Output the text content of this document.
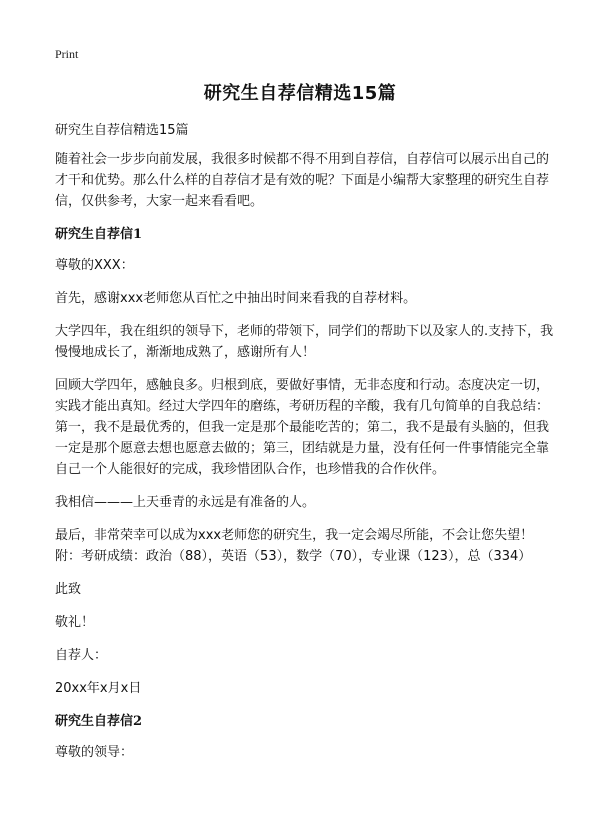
Print
研究生自荐信精选15篇

研究生自荐信精选15篇

随着社会一步步向前发展，我很多时候都不得不用到自荐信，自荐信可以展示出自己的才干和优势。那么什么样的自荐信才是有效的呢？下面是小编帮大家整理的研究生自荐信，仅供参考，大家一起来看看吧。

研究生自荐信1

尊敬的XXX：

首先，感谢xxx老师您从百忙之中抽出时间来看我的自荐材料。

大学四年，我在组织的领导下，老师的带领下，同学们的帮助下以及家人的.支持下，我慢慢地成长了，渐渐地成熟了，感谢所有人！

回顾大学四年，感触良多。归根到底，要做好事情，无非态度和行动。态度决定一切，实践才能出真知。经过大学四年的磨练，考研历程的辛酸，我有几句简单的自我总结：第一，我不是最优秀的，但我一定是那个最能吃苦的；第二，我不是最有头脑的，但我一定是那个愿意去想也愿意去做的；第三，团结就是力量，没有任何一件事情能完全靠自己一个人能很好的完成，我珍惜团队合作，也珍惜我的合作伙伴。

我相信———上天垂青的永远是有准备的人。

最后，非常荣幸可以成为xxx老师您的研究生，我一定会竭尽所能，不会让您失望！附：考研成绩：政治（88），英语（53），数学（70），专业课（123），总（334）

此致

敬礼！

自荐人：

20xx年x月x日

研究生自荐信2

尊敬的领导：
